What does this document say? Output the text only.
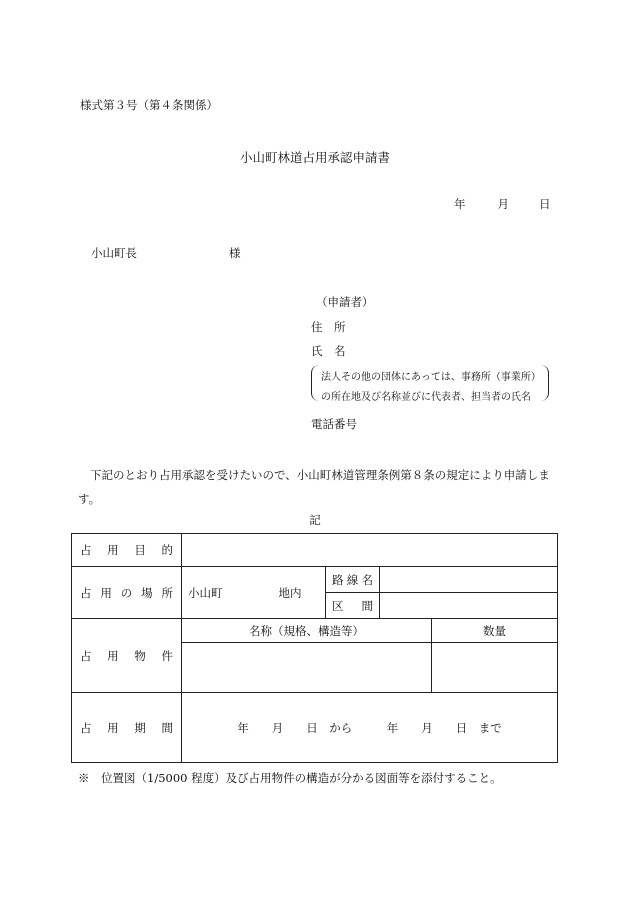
様式第３号（第４条関係）
小山町林道占用承認申請書
年	月	日
小山町長	様
（申請者）
住　所
氏　名
法人その他の団体にあっては、事務所（事業所）
の所在地及び名称並びに代表者、担当者の氏名
電話番号
下記のとおり占用承認を受けたいので、小山町林道管理条例第８条の規定により申請します。
記
占用目的				
占用の場所	小山町 地内	路線名		
		区間		
占用物件	名称（規格、構造等）			数量

占用期間	年　　月　　日　から　　　年　　月　　日　まで			
※　位置図（1/5000 程度）及び占用物件の構造が分かる図面等を添付すること。
